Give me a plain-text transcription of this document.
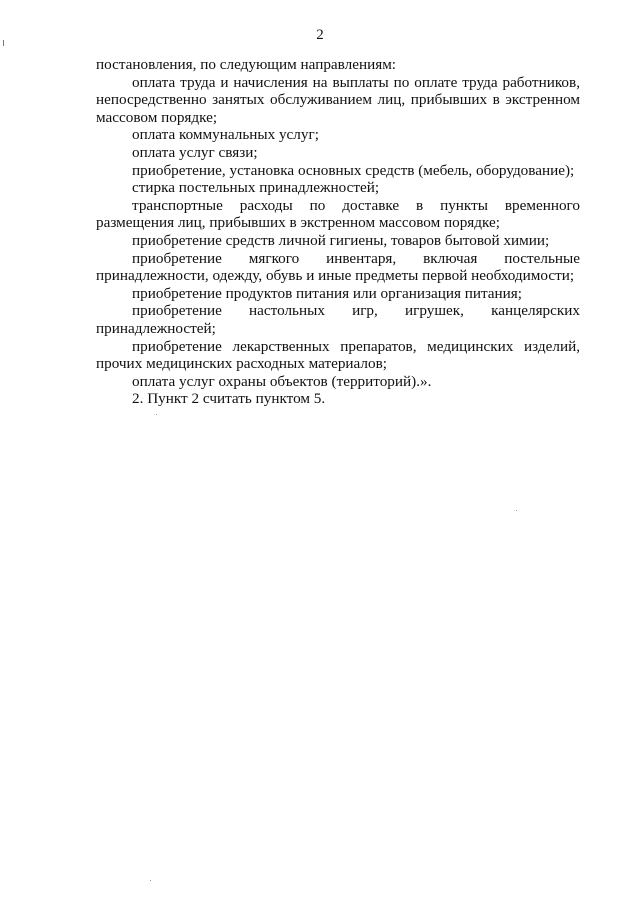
2

постановления, по следующим направлениям:

оплата труда и начисления на выплаты по оплате труда работников, непосредственно занятых обслуживанием лиц, прибывших в экстренном массовом порядке;

оплата коммунальных услуг;

оплата услуг связи;

приобретение, установка основных средств (мебель, оборудование);

стирка постельных принадлежностей;

транспортные расходы по доставке в пункты временного размещения лиц, прибывших в экстренном массовом порядке;

приобретение средств личной гигиены, товаров бытовой химии;

приобретение мягкого инвентаря, включая постельные принадлежности, одежду, обувь и иные предметы первой необходимости;

приобретение продуктов питания или организация питания;

приобретение настольных игр, игрушек, канцелярских принадлежностей;

приобретение лекарственных препаратов, медицинских изделий, прочих медицинских расходных материалов;

оплата услуг охраны объектов (территорий).».

2. Пункт 2 считать пунктом 5.
